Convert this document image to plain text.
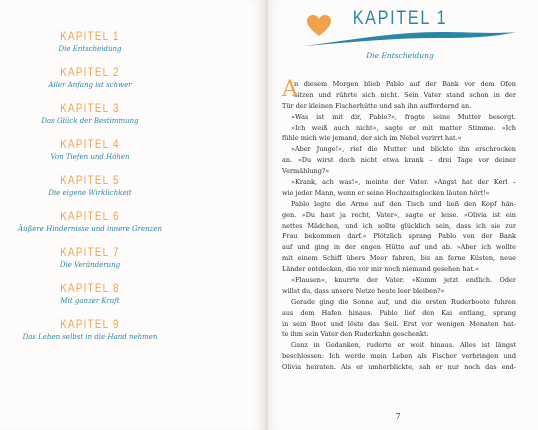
KAPITEL 1
Die Entscheidung
KAPITEL 2
Aller Anfang ist schwer
KAPITEL 3
Das Glück der Bestimmung
KAPITEL 4
Von Tiefen und Höhen
KAPITEL 5
Die eigene Wirklichkeit
KAPITEL 6
Äußere Hindernisse und innere Grenzen
KAPITEL 7
Die Veränderung
KAPITEL 8
Mit ganzer Kraft
KAPITEL 9
Das Leben selbst in die Hand nehmen
KAPITEL 1
Die Entscheidung
A
n diesem Morgen blieb Pablo auf der Bank vor dem Ofen
sitzen und rührte sich nicht. Sein Vater stand schon in der
Tür der kleinen Fischerhütte und sah ihn auffordernd an.
»Was ist mit dir, Pablo?«, fragte seine Mutter besorgt.
»Ich weiß auch nicht«, sagte er mit matter Stimme. »Ich
fühle mich wie jemand, der sich im Nebel verirrt hat.«
»Aber Junge!«, rief die Mutter und blickte ihn erschrocken
an. »Du wirst doch nicht etwa krank – drei Tage vor deiner
Vermählung?«
»Krank, ach was!«, meinte der Vater. »Angst hat der Kerl –
wie jeder Mann, wenn er seine Hochzeitsglocken läuten hört!«
Pablo legte die Arme auf den Tisch und ließ den Kopf hän-
gen. »Du hast ja recht, Vater«, sagte er leise. »Olivia ist ein
nettes Mädchen, und ich sollte glücklich sein, dass ich sie zur
Frau bekommen darf.« Plötzlich sprang Pablo von der Bank
auf und ging in der engen Hütte auf und ab. »Aber ich wollte
mit einem Schiff übers Meer fahren, bis an ferne Küsten, neue
Länder entdecken, die vor mir noch niemand gesehen hat.«
»Flausen«, knurrte der Vater. »Komm jetzt endlich. Oder
willst du, dass unsere Netze heute leer bleiben?«
Gerade ging die Sonne auf, und die ersten Ruderboote fuhren
aus dem Hafen hinaus. Pablo lief den Kai entlang, sprang
in sein Boot und löste das Seil. Erst vor wenigen Monaten hat-
te ihm sein Vater den Ruderkahn geschenkt.
Ganz in Gedanken, ruderte er weit hinaus. Alles ist längst
beschlossen: Ich werde mein Leben als Fischer verbringen und
Olivia heiraten. Als er umherblickte, sah er nur noch das end-
7
